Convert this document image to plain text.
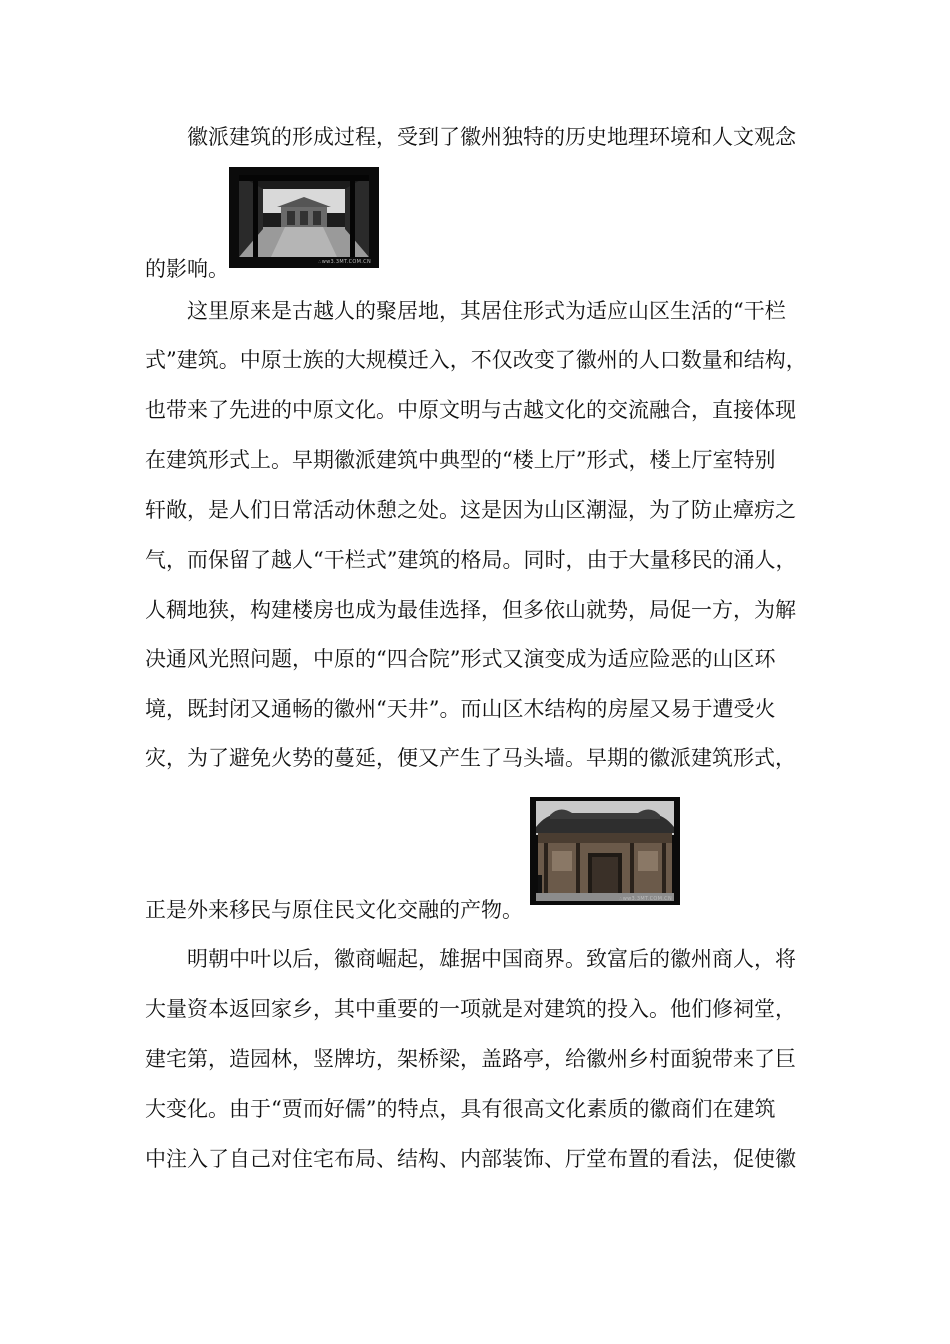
徽派建筑的形成过程，受到了徽州独特的历史地理环境和人文观念
∴ww3.3MT.COM.CN
的影响。
这里原来是古越人的聚居地，其居住形式为适应山区生活的“干栏
式”建筑。中原士族的大规模迁入，不仅改变了徽州的人口数量和结构，
也带来了先进的中原文化。中原文明与古越文化的交流融合，直接体现
在建筑形式上。早期徽派建筑中典型的“楼上厅”形式，楼上厅室特别
轩敞，是人们日常活动休憩之处。这是因为山区潮湿，为了防止瘴疠之
气，而保留了越人“干栏式”建筑的格局。同时，由于大量移民的涌人，
人稠地狭，构建楼房也成为最佳选择，但多依山就势，局促一方，为解
决通风光照问题，中原的“四合院”形式又演变成为适应险恶的山区环
境，既封闭又通畅的徽州“天井”。而山区木结构的房屋又易于遭受火
灾，为了避免火势的蔓延，便又产生了马头墙。早期的徽派建筑形式，
∴ww3.3MT.COM.CN
正是外来移民与原住民文化交融的产物。
明朝中叶以后，徽商崛起，雄据中国商界。致富后的徽州商人，将
大量资本返回家乡，其中重要的一项就是对建筑的投入。他们修祠堂，
建宅第，造园林，竖牌坊，架桥梁，盖路亭，给徽州乡村面貌带来了巨
大变化。由于“贾而好儒”的特点，具有很高文化素质的徽商们在建筑
中注入了自己对住宅布局、结构、内部装饰、厅堂布置的看法，促使徽
